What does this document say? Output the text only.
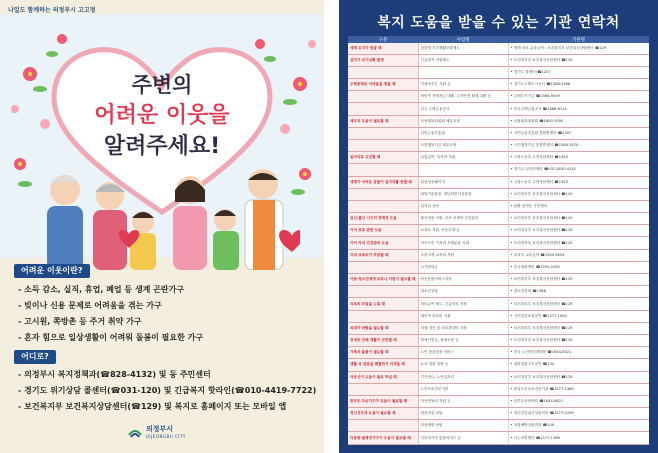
나일도 함께하는 의정부시 고고정
주변의
어려운 이웃을
알려주세요!
어려운 이웃이란?
- 소득 감소, 실직, 휴업, 폐업 등 생계 곤란가구
- 빚이나 신용 문제로 어려움을 겪는 가구
- 고시원, 쪽방촌 등 주거 취약 가구
- 혼자 힘으로 일상생활이 어려워 돌봄이 필요한 가구
어디로?
- 의정부시 복지정책과(☎828-4132) 및 동 주민센터
- 경기도 위기상담 콜센터(☎031-120) 및 긴급복지 핫라인(☎010-4419-7722)
- 보건복지부 보건복지상담센터(☎129) 및 복지로 홈페이지 또는 모바일 앱
의정부시
UIJEONGBU CITY
복지 도움을 받을 수 있는 기관 연락처
구분	사업명	기관명
생계 유지가 힘들 때	맞춤형 기초생활보장제도	• 생계 의료 교육급여 : 보건복지부 보건복지상담센터 ☎129
갑자기 위기상황 발생	긴급복지 지원제도	• 보건복지부 보건복지상담센터 ☎129
		• 경기도 콜센터(☎120)
주택문제로 어려움을 겪을 때	전세보증금 지원 등	• 경기도주택도시공사 ☎1588-0466
	버팀목 전세자금 대출, 주거안정 월세 대출 등	• 주택도시기금 ☎1566-9009
	한국 주택금융공사	• 한국주택금융공사 ☎1688-8114
채무의 도움이 필요할 때	신용회복위원회 채무조정	• 신용회복위원회 ☎1600-5500
	서민금융진흥원	• 서민금융진흥원 통합콜센터 ☎1397
	국민행복기금 채무조정	• 국민행복기금 통합콜센터 ☎1588-3570
일자리로 고민할 때	실업급여, 일자리 지원	• 고용노동부 고객상담센터 ☎1350
		• 경기도 일자리재단 ☎031-8030-4141
생계가 어려운 분들이 일자리를 원할 때	취업성공패키지	• 고용노동부 고객상담센터 ☎1350
	희망키움통장, 청년희망키움통장	• 보건복지부 보건복지상담센터 ☎129
	일자리 상담	• 관할 읍면동 주민센터
임신·출산 시기의 경제적 도움	출산비용 지원, 산모·신생아 건강관리	• 보건복지부 보건복지상담센터 ☎129
아이 보호 관련 도움	보육료 지원, 아동수당 등	• 보건복지부 보건복지상담센터 ☎129
아이 자녀 건강관리 도움	저소득층 기저귀 조제분유 지원	• 보건복지부 보건복지상담센터 ☎129
자녀 교육비가 부담될 때	초중고생 교육비 지원	• 교육부 교육급여 ☎1544-9654
	국가장학금	• 한국장학재단 ☎1599-2290
아동·청소년에게 보호나 지원이 필요할 때	아동통합서비스지원	• 보건복지부 보건복지상담센터 ☎129
	청소년상담	• 청소년전화 ☎1388
의료비 부담을 느낄 때	의료급여 제도, 긴급의료 지원	• 보건복지부 보건복지상담센터 ☎129
	재난적 의료비 지원	• 국민건강보험공단 ☎1577-1000
치매가 바람을 필요할 때	치매 검진 및 치료관리비 지원	• 보건복지부 보건복지상담센터 ☎129
장애로 인해 생활이 곤란할 때	장애인연금, 장애수당 등	• 보건복지부 보건복지상담센터 ☎129
가족의 돌봄이 필요할 때	노인 맞춤돌봄 서비스	• 한국 노인인력개발원 ☎1644-8521
생활 속 갈등을 해결하기 어려울 때	무료 법률 상담 등	• 대한법률구조공단 ☎132
어르신이 도움이 필요 하실 때	기초연금, 노인일자리	• 보건복지부 보건복지상담센터 ☎129
	노인보호전문기관	• 중앙노인보호전문기관 ☎1577-1389
한부모 조손가구가 도움이 필요할 때	아동양육비 지원 등	• 한부모상담센터 ☎1644-6621
정신건강에 도움이 필요할 때	정신건강 상담	• 정신건강위기상담전화 ☎1577-0199
	자살예방 상담	• 자살예방상담전화 ☎109
다문화·탈북민가구가 도움이 필요할 때	다문화가족 통합서비스 등	• 다누리콜센터 ☎1577-1366
